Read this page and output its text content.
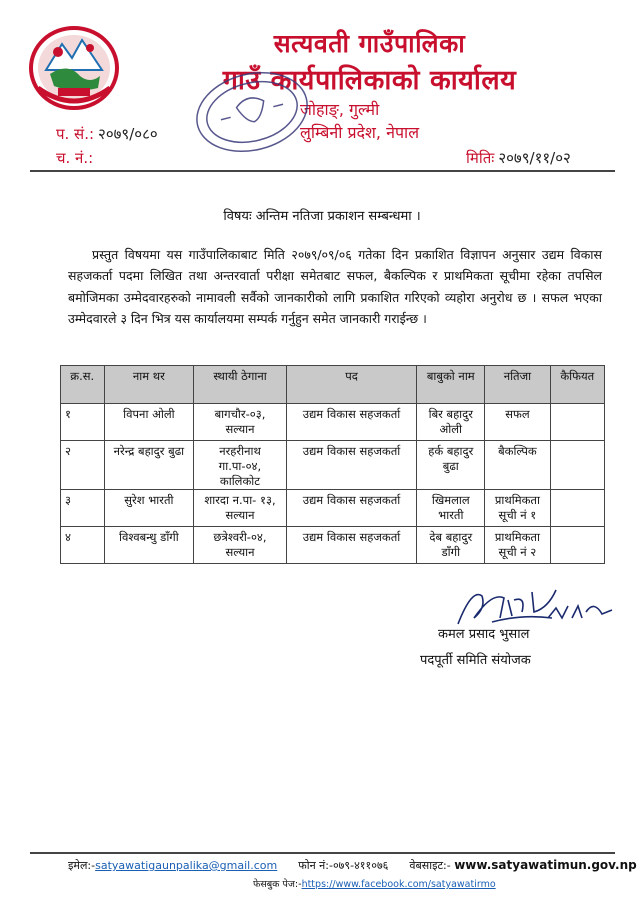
सत्यवती गाउँपालिका
गाउँ कार्यपालिकाको कार्यालय
जोहाङ्, गुल्मी
लुम्बिनी प्रदेश, नेपाल
प. सं.: २०७९/०८०
च. नं.:	मितिः २०७९/११/०२
विषयः अन्तिम नतिजा प्रकाशन सम्बन्धमा ।
प्रस्तुत विषयमा यस गाउँपालिकाबाट मिति २०७९/०९/०६ गतेका दिन प्रकाशित विज्ञापन अनुसार उद्यम विकास सहजकर्ता पदमा लिखित तथा अन्तरवार्ता परीक्षा समेतबाट सफल, बैकल्पिक र प्राथमिकता सूचीमा रहेका तपसिल बमोजिमका उम्मेदवारहरुको नामावली सर्वैको जानकारीको लागि प्रकाशित गरिएको व्यहोरा अनुरोध छ । सफल भएका उम्मेदवारले ३ दिन भित्र यस कार्यालयमा सम्पर्क गर्नुहुन समेत जानकारी गराईन्छ ।
क्र.स.	नाम थर	स्थायी ठेगाना	पद	बाबुको नाम	नतिजा	कैफियत
१	विपना ओली	बागचौर-०३, सल्यान	उद्यम विकास सहजकर्ता	बिर बहादुर ओली	सफल	
२	नरेन्द्र बहादुर बुढा	नरहरीनाथ गा.पा-०४, कालिकोट	उद्यम विकास सहजकर्ता	हर्क बहादुर बुढा	बैकल्पिक	
३	सुरेश भारती	शारदा न.पा- १३, सल्यान	उद्यम विकास सहजकर्ता	खिमलाल भारती	प्राथमिकता सूची नं १	
४	विश्वबन्धु डाँगी	छत्रेश्वरी-०४, सल्यान	उद्यम विकास सहजकर्ता	देब बहादुर डाँगी	प्राथमिकता सूची नं २	
कमल प्रसाद भुसाल
पदपूर्ती समिति संयोजक
इमेल:-satyawatigaunpalika@gmail.com फोन नं:-०७९-४११०७६ वेबसाइट:- www.satyawatimun.gov.np
फेसबुक पेज:-https://www.facebook.com/satyawatirmo
